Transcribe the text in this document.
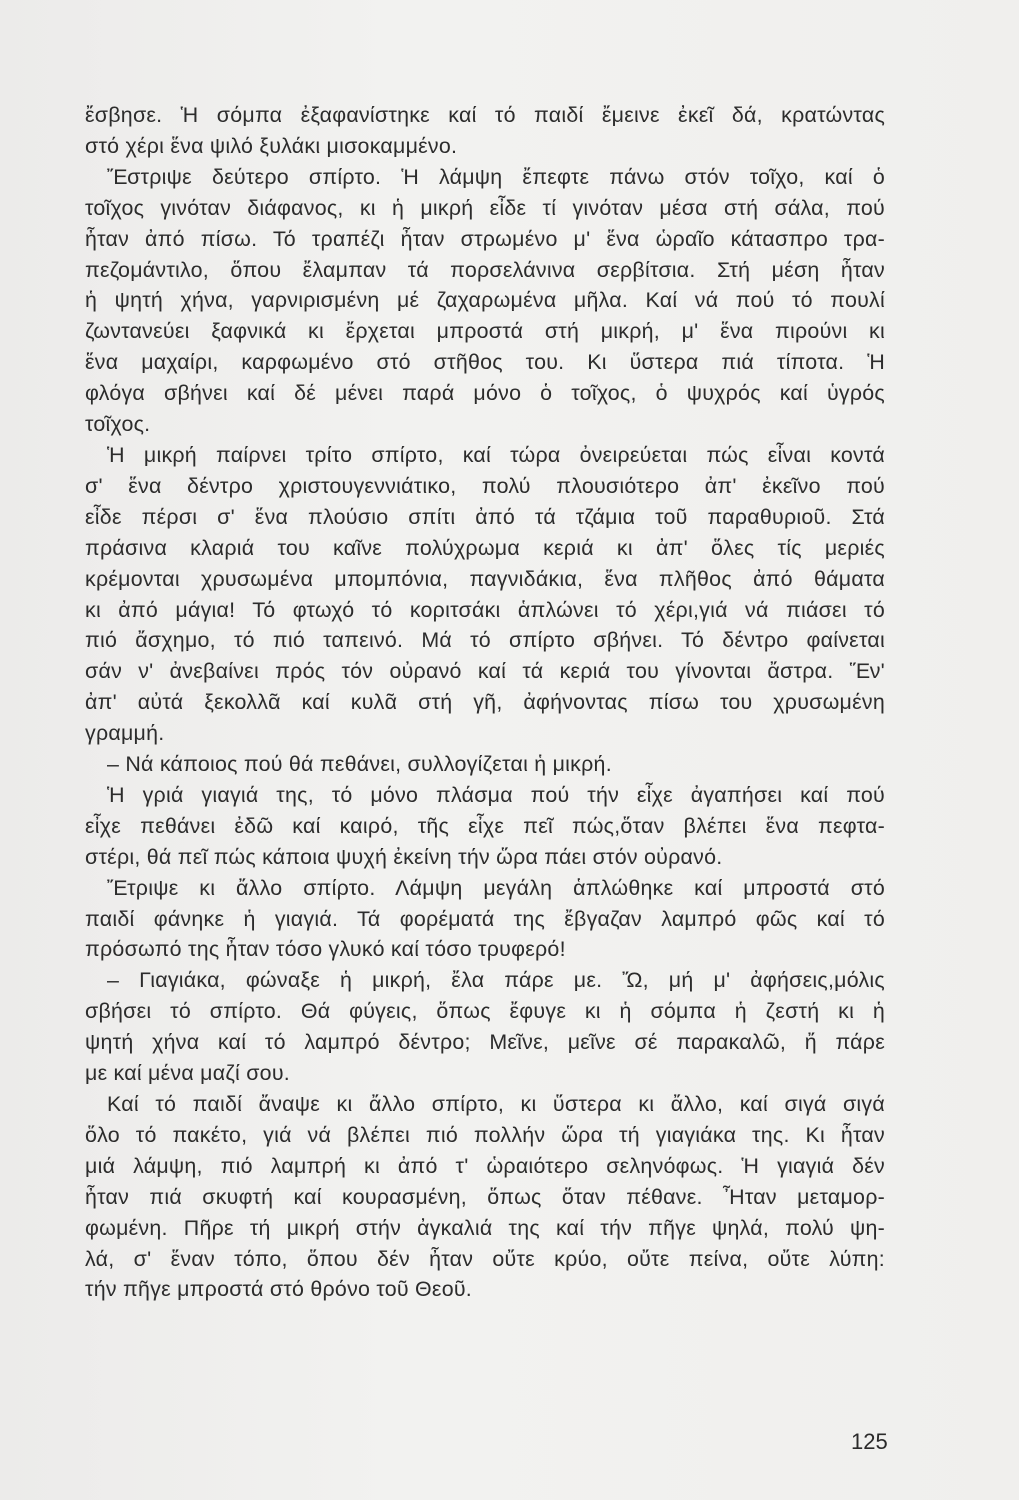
ἔσβησε. Ἡ σόμπα ἐξαφανίστηκε καί τό παιδί ἔμεινε ἐκεῖ δά, κρατώντας
στό χέρι ἕνα ψιλό ξυλάκι μισοκαμμένο.
Ἔστριψε δεύτερο σπίρτο. Ἡ λάμψη ἔπεφτε πάνω στόν τοῖχο, καί ὁ
τοῖχος γινόταν διάφανος, κι ἡ μικρή εἶδε τί γινόταν μέσα στή σάλα, πού
ἦταν ἀπό πίσω. Τό τραπέζι ἦταν στρωμένο μ' ἕνα ὡραῖο κάτασπρο τρα-
πεζομάντιλο, ὅπου ἔλαμπαν τά πορσελάνινα σερβίτσια. Στή μέση ἦταν
ἡ ψητή χήνα, γαρνιρισμένη μέ ζαχαρωμένα μῆλα. Καί νά πού τό πουλί
ζωντανεύει ξαφνικά κι ἔρχεται μπροστά στή μικρή, μ' ἕνα πιρούνι κι
ἕνα μαχαίρι, καρφωμένο στό στῆθος του. Κι ὕστερα πιά τίποτα. Ἡ
φλόγα σβήνει καί δέ μένει παρά μόνο ὁ τοῖχος, ὁ ψυχρός καί ὑγρός
τοῖχος.
Ἡ μικρή παίρνει τρίτο σπίρτο, καί τώρα ὀνειρεύεται πώς εἶναι κοντά
σ' ἕνα δέντρο χριστουγεννιάτικο, πολύ πλουσιότερο ἀπ' ἐκεῖνο πού
εἶδε πέρσι σ' ἕνα πλούσιο σπίτι ἀπό τά τζάμια τοῦ παραθυριοῦ. Στά
πράσινα κλαριά του καῖνε πολύχρωμα κεριά κι ἀπ' ὅλες τίς μεριές
κρέμονται χρυσωμένα μπομπόνια, παγνιδάκια, ἕνα πλῆθος ἀπό θάματα
κι ἀπό μάγια! Τό φτωχό τό κοριτσάκι ἁπλώνει τό χέρι,γιά νά πιάσει τό
πιό ἄσχημο, τό πιό ταπεινό. Μά τό σπίρτο σβήνει. Τό δέντρο φαίνεται
σάν ν' ἀνεβαίνει πρός τόν οὐρανό καί τά κεριά του γίνονται ἄστρα. Ἕν'
ἀπ' αὐτά ξεκολλᾶ καί κυλᾶ στή γῆ, ἀφήνοντας πίσω του χρυσωμένη
γραμμή.
– Νά κάποιος πού θά πεθάνει, συλλογίζεται ἡ μικρή.
Ἡ γριά γιαγιά της, τό μόνο πλάσμα πού τήν εἶχε ἀγαπήσει καί πού
εἶχε πεθάνει ἐδῶ καί καιρό, τῆς εἶχε πεῖ πώς,ὅταν βλέπει ἕνα πεφτα-
στέρι, θά πεῖ πώς κάποια ψυχή ἐκείνη τήν ὥρα πάει στόν οὐρανό.
Ἔτριψε κι ἄλλο σπίρτο. Λάμψη μεγάλη ἁπλώθηκε καί μπροστά στό
παιδί φάνηκε ἡ γιαγιά. Τά φορέματά της ἔβγαζαν λαμπρό φῶς καί τό
πρόσωπό της ἦταν τόσο γλυκό καί τόσο τρυφερό!
– Γιαγιάκα, φώναξε ἡ μικρή, ἔλα πάρε με. Ὤ, μή μ' ἀφήσεις,μόλις
σβήσει τό σπίρτο. Θά φύγεις, ὅπως ἔφυγε κι ἡ σόμπα ἡ ζεστή κι ἡ
ψητή χήνα καί τό λαμπρό δέντρο; Μεῖνε, μεῖνε σέ παρακαλῶ, ἤ πάρε
με καί μένα μαζί σου.
Καί τό παιδί ἄναψε κι ἄλλο σπίρτο, κι ὕστερα κι ἄλλο, καί σιγά σιγά
ὅλο τό πακέτο, γιά νά βλέπει πιό πολλήν ὥρα τή γιαγιάκα της. Κι ἦταν
μιά λάμψη, πιό λαμπρή κι ἀπό τ' ὡραιότερο σεληνόφως. Ἡ γιαγιά δέν
ἦταν πιά σκυφτή καί κουρασμένη, ὅπως ὅταν πέθανε. Ἦταν μεταμορ-
φωμένη. Πῆρε τή μικρή στήν ἀγκαλιά της καί τήν πῆγε ψηλά, πολύ ψη-
λά, σ' ἕναν τόπο, ὅπου δέν ἦταν οὔτε κρύο, οὔτε πείνα, οὔτε λύπη:
τήν πῆγε μπροστά στό θρόνο τοῦ Θεοῦ.
125
